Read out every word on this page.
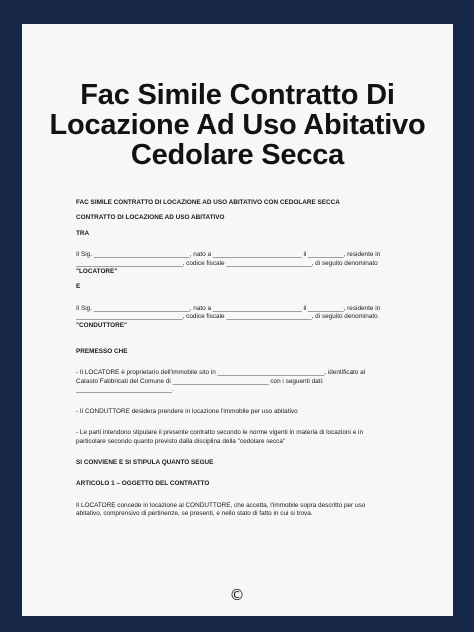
Fac Simile Contratto Di
Locazione Ad Uso Abitativo
Cedolare Secca

FAC SIMILE CONTRATTO DI LOCAZIONE AD USO ABITATIVO CON CEDOLARE SECCA

CONTRATTO DI LOCAZIONE AD USO ABITATIVO

TRA

Il Sig. ___________________________, nato a _________________________ il __________, residente in

______________________________, codice fiscale ________________________, di seguito denominato

"LOCATORE"

E

Il Sig. ___________________________, nato a _________________________ il __________, residente in

______________________________, codice fiscale ________________________, di seguito denominato

"CONDUTTORE"

PREMESSO CHE

- Il LOCATORE è proprietario dell'immobile sito in ______________________________, identificato al

Catasto Fabbricati del Comune di ___________________________ con i seguenti dati:

___________________________.

- Il CONDUTTORE desidera prendere in locazione l'immobile per uso abitativo

- Le parti intendono stipulare il presente contratto secondo le norme vigenti in materia di locazioni e in

particolare secondo quanto previsto dalla disciplina della "cedolare secca"

SI CONVIENE E SI STIPULA QUANTO SEGUE

ARTICOLO 1 – OGGETTO DEL CONTRATTO

Il LOCATORE concede in locazione al CONDUTTORE, che accetta, l'immobile sopra descritto per uso

abitativo, comprensivo di pertinenze, se presenti, e nello stato di fatto in cui si trova.

©
